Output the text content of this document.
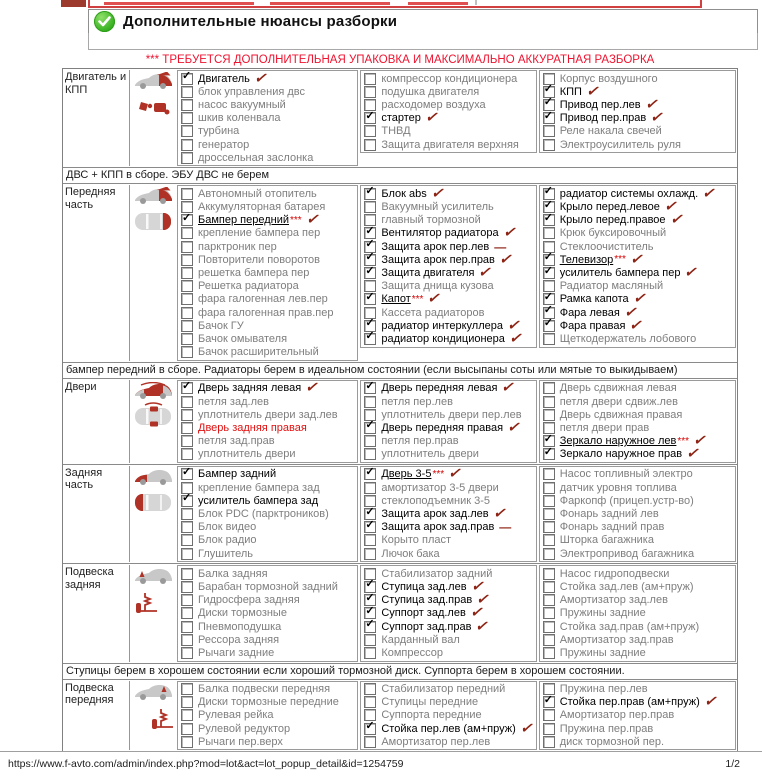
Дополнительные нюансы разборки
*** ТРЕБУЕТСЯ ДОПОЛНИТЕЛЬНАЯ УПАКОВКА И МАКСИМАЛЬНО АККУРАТНАЯ РАЗБОРКА
Двигатель и КПП
✓
Двигатель ✓
блок управления двс
насос вакуумный
шкив коленвала
турбина
генератор
дроссельная заслонка
компрессор кондиционера
подушка двигателя
расходомер воздуха
✓
стартер ✓
ТНВД
Защита двигателя верхняя
Корпус воздушного
✓
КПП ✓
✓
Привод пер.лев ✓
✓
Привод пер.прав ✓
Реле накала свечей
Электроусилитель руля
ДВС + КПП в сборе. ЭБУ ДВС не берем
Передняя часть
Автономный отопитель
Аккумуляторная батарея
✓
Бампер передний *** ✓
крепление бампера пер
парктроник пер
Повторители поворотов
решетка бампера пер
Решетка радиатора
фара галогенная лев.пер
фара галогенная прав.пер
Бачок ГУ
Бачок омывателя
Бачок расширительный
✓
Блок abs ✓
Вакуумный усилитель
главный тормозной
✓
Вентилятор радиатора ✓
✓
Защита арок пер.лев —
✓
Защита арок пер.прав ✓
✓
Защита двигателя ✓
Защита днища кузова
✓
Капот *** ✓
Кассета радиаторов
✓
радиатор интеркуллера ✓
✓
радиатор кондиционера ✓
✓
радиатор системы охлажд. ✓
✓
Крыло перед.левое ✓
✓
Крыло перед.правое ✓
Крюк буксировочный
Стеклоочиститель
✓
Телевизор *** ✓
✓
усилитель бампера пер ✓
Радиатор масляный
✓
Рамка капота ✓
✓
Фара левая ✓
✓
Фара правая ✓
Щеткодержатель лобового
бампер передний в сборе. Радиаторы берем в идеальном состоянии (если высыпаны соты или мятые то выкидываем)
Двери ✓	Дверь задняя левая ✓
петля зад.лев
уплотнитель двери зад.лев
Дверь задняя правая
петля зад.прав
уплотнитель двери
✓
Дверь передняя левая ✓
петля пер.лев
уплотнитель двери пер.лев
✓
Дверь передняя правая ✓
петля пер.прав
уплотнитель двери
Дверь сдвижная левая
петля двери сдвиж.лев
Дверь сдвижная правая
петля двери прав
✓
Зеркало наружное лев *** ✓
✓
Зеркало наружное прав ✓
Задняя часть
✓
Бампер задний
крепление бампера зад
✓
усилитель бампера зад
Блок PDC (парктроников)
Блок видео
Блок радио
Глушитель
✓
Дверь 3-5 *** ✓
амортизатор 3-5 двери
стеклоподъемник 3-5
✓
Защита арок зад.лев ✓
✓
Защита арок зад.прав —
Корыто пласт
Лючок бака
Насос топливный электро
датчик уровня топлива
Фаркопф (прицеп.устр-во)
Фонарь задний лев
Фонарь задний прав
Шторка багажника
Электропривод багажника
Подвеска задняя
Балка задняя
Барабан тормозной задний
Гидросфера задняя
Диски тормозные
Пневмоподушка
Рессора задняя
Рычаги задние
Стабилизатор задний
✓
Ступица зад.лев ✓
✓
Ступица зад.прав ✓
✓
Суппорт зад.лев ✓
✓
Суппорт зад.прав ✓
Карданный вал
Компрессор
Насос гидроподвески
Стойка зад.лев (ам+пруж)
Амортизатор зад.лев
Пружины задние
Стойка зад.прав (ам+пруж)
Амортизатор зад.прав
Пружины задние
Ступицы берем в хорошем состоянии если хороший тормозной диск. Суппорта берем в хорошем состоянии.
Подвеска передняя
Балка подвески передняя
Диски тормозные передние
Рулевая рейка
Рулевой редуктор
Рычаги пер.верх
Стабилизатор передний
Ступицы передние
Суппорта передние
✓
Стойка пер.лев (ам+пруж) ✓
Амортизатор пер.лев
Пружина пер.лев
✓
Стойка пер.прав (ам+пруж) ✓
Амортизатор пер.прав
Пружина пер.прав
диск тормозной пер.
https://www.f-avto.com/admin/index.php?mod=lot&act=lot_popup_detail&id=1254759	1/2
